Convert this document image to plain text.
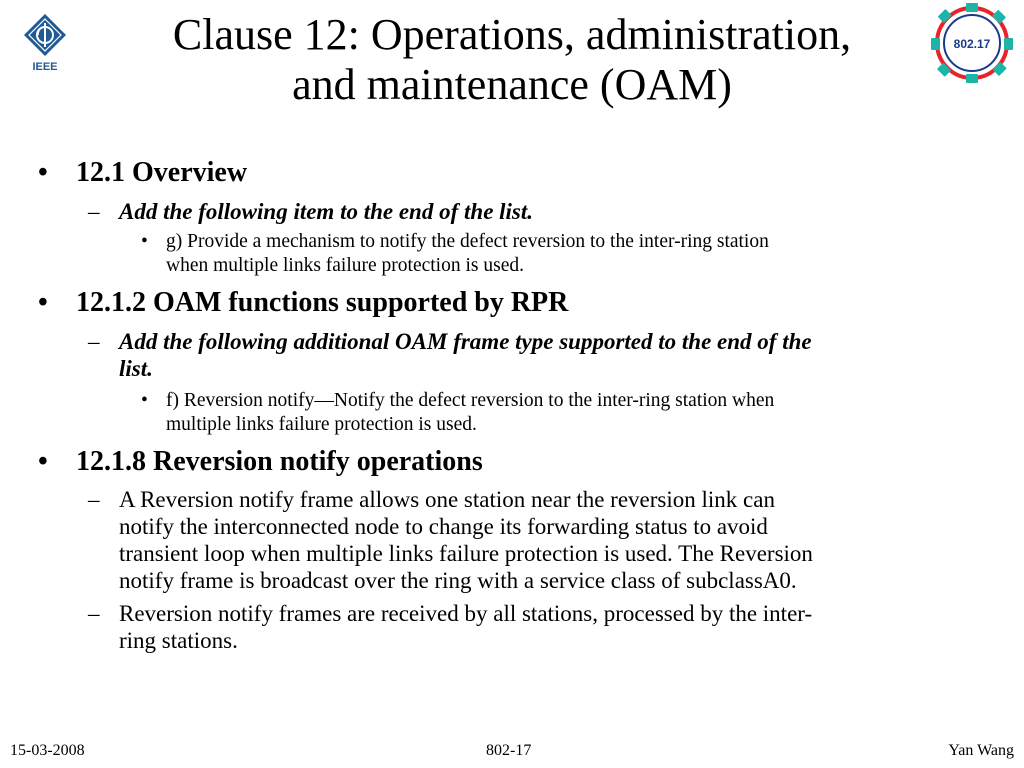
IEEE
802.17
Clause 12: Operations, administration,
and maintenance (OAM)
• 12.1 Overview

– Add the following item to the end of the list.

• g) Provide a mechanism to notify the defect reversion to the inter-ring station

when multiple links failure protection is used.

• 12.1.2 OAM functions supported by RPR

– Add the following additional OAM frame type supported to the end of the

list.

• f) Reversion notify—Notify the defect reversion to the inter-ring station when

multiple links failure protection is used.

• 12.1.8 Reversion notify operations

– A Reversion notify frame allows one station near the reversion link can

notify the interconnected node to change its forwarding status to avoid

transient loop when multiple links failure protection is used. The Reversion

notify frame is broadcast over the ring with a service class of subclassA0.

– Reversion notify frames are received by all stations, processed by the inter-

ring stations.

15-03-2008	802-17	Yan Wang
